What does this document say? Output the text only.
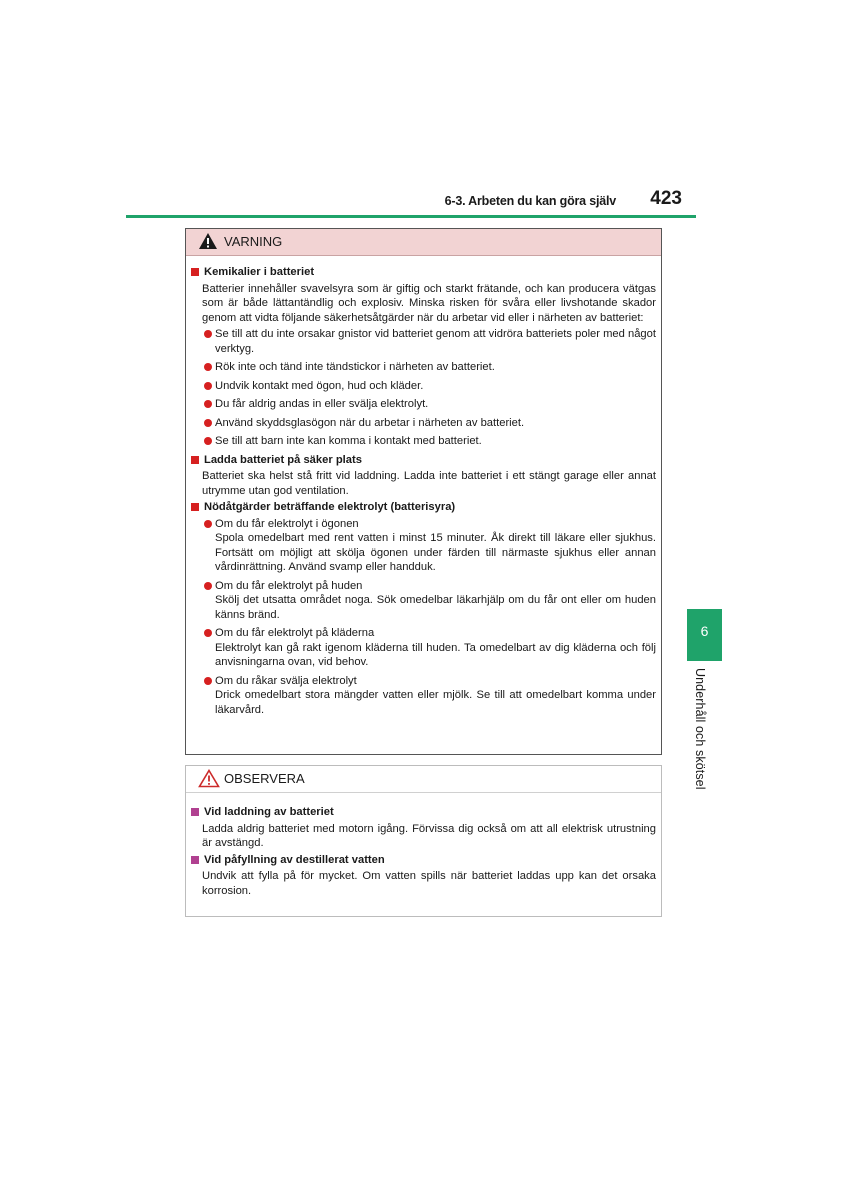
6-3. Arbeten du kan göra själv 423
6
Underhåll och skötsel
VARNING
Kemikalier i batteriet
Batterier innehåller svavelsyra som är giftig och starkt frätande, och kan producera vätgas som är både lättantändlig och explosiv. Minska risken för svåra eller livshotande skador genom att vidta följande säkerhetsåtgärder när du arbetar vid eller i närheten av batteriet:
Se till att du inte orsakar gnistor vid batteriet genom att vidröra batteriets poler med något verktyg.
Rök inte och tänd inte tändstickor i närheten av batteriet.
Undvik kontakt med ögon, hud och kläder.
Du får aldrig andas in eller svälja elektrolyt.
Använd skyddsglasögon när du arbetar i närheten av batteriet.
Se till att barn inte kan komma i kontakt med batteriet.
Ladda batteriet på säker plats
Batteriet ska helst stå fritt vid laddning. Ladda inte batteriet i ett stängt garage eller annat utrymme utan god ventilation.
Nödåtgärder beträffande elektrolyt (batterisyra)
Om du får elektrolyt i ögonen
Spola omedelbart med rent vatten i minst 15 minuter. Åk direkt till läkare eller sjukhus. Fortsätt om möjligt att skölja ögonen under färden till närmaste sjukhus eller annan vårdinrättning. Använd svamp eller handduk.
Om du får elektrolyt på huden
Skölj det utsatta området noga. Sök omedelbar läkarhjälp om du får ont eller om huden känns bränd.
Om du får elektrolyt på kläderna
Elektrolyt kan gå rakt igenom kläderna till huden. Ta omedelbart av dig kläderna och följ anvisningarna ovan, vid behov.
Om du råkar svälja elektrolyt
Drick omedelbart stora mängder vatten eller mjölk. Se till att omedelbart komma under läkarvård.
OBSERVERA
Vid laddning av batteriet
Ladda aldrig batteriet med motorn igång. Förvissa dig också om att all elektrisk utrustning är avstängd.
Vid påfyllning av destillerat vatten
Undvik att fylla på för mycket. Om vatten spills när batteriet laddas upp kan det orsaka korrosion.
